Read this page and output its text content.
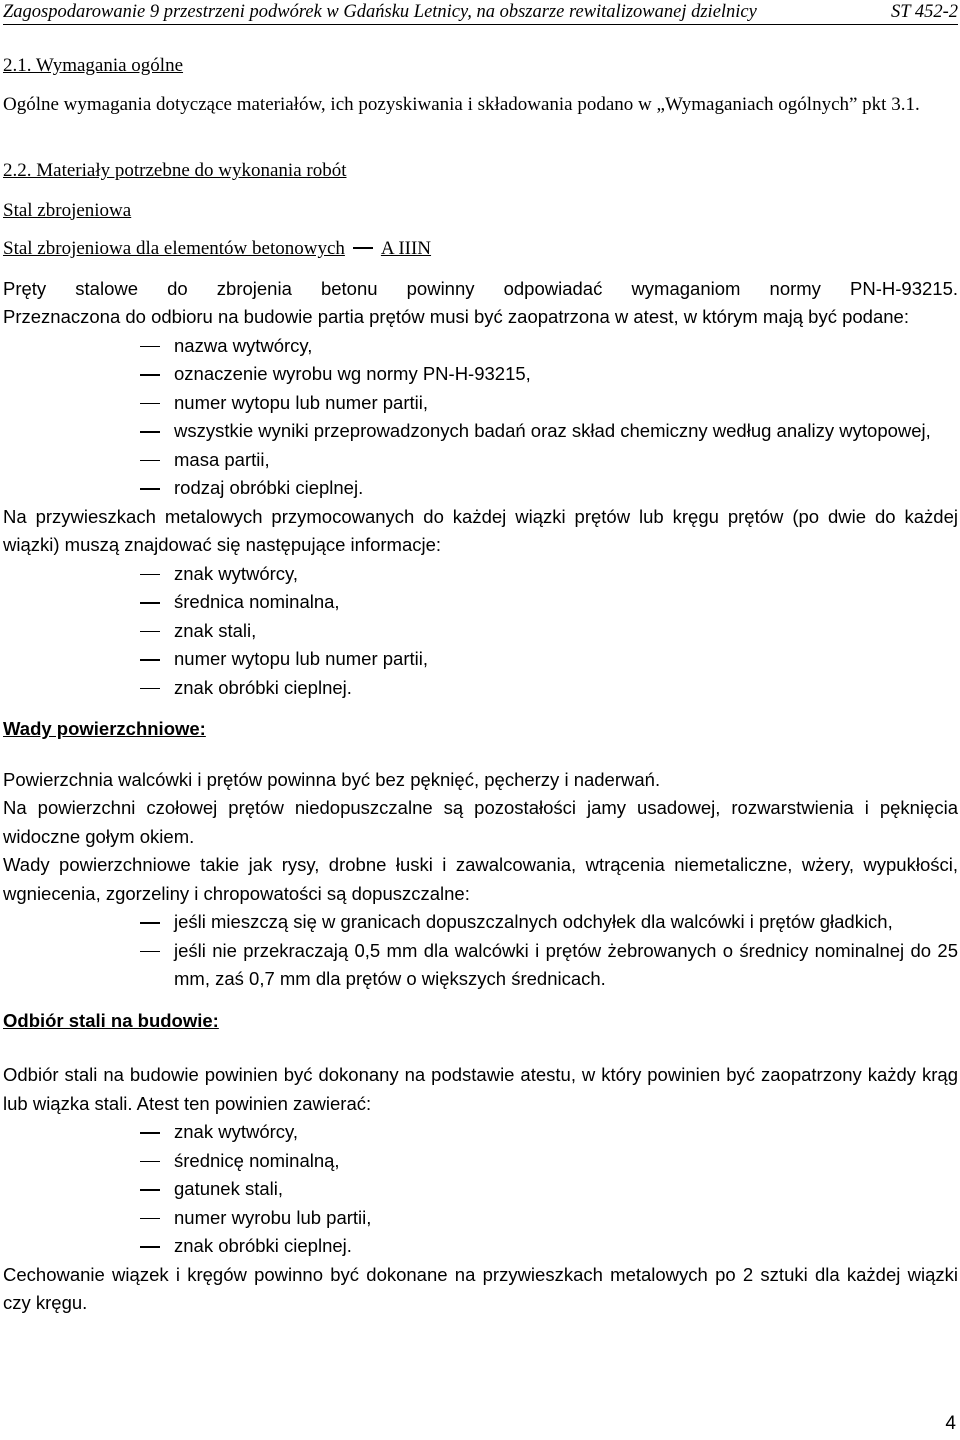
Zagospodarowanie 9 przestrzeni podwórek w Gdańsku Letnicy, na obszarze rewitalizowanej dzielnicy	ST 452-2
2.1. Wymagania ogólne

Ogólne wymagania dotyczące materiałów, ich pozyskiwania i składowania podano w „Wymaganiach ogólnych” pkt 3.1.

2.2. Materiały potrzebne do wykonania robót
Stal zbrojeniowa
Stal zbrojeniowa dla elementów betonowych A IIIN

Pręty stalowe do zbrojenia betonu powinny odpowiadać wymaganiom normy PN-H-93215.

Przeznaczona do odbioru na budowie partia prętów musi być zaopatrzona w atest, w którym mają być podane:

nazwa wytwórcy,
oznaczenie wyrobu wg normy PN-H-93215,
numer wytopu lub numer partii,
wszystkie wyniki przeprowadzonych badań oraz skład chemiczny według analizy wytopowej,
masa partii,
rodzaj obróbki cieplnej.

Na przywieszkach metalowych przymocowanych do każdej wiązki prętów lub kręgu prętów (po dwie do każdej wiązki) muszą znajdować się następujące informacje:

znak wytwórcy,
średnica nominalna,
znak stali,
numer wytopu lub numer partii,
znak obróbki cieplnej.
Wady powierzchniowe:

Powierzchnia walcówki i prętów powinna być bez pęknięć, pęcherzy i naderwań.

Na powierzchni czołowej prętów niedopuszczalne są pozostałości jamy usadowej, rozwarstwienia i pęknięcia widoczne gołym okiem.

Wady powierzchniowe takie jak rysy, drobne łuski i zawalcowania, wtrącenia niemetaliczne, wżery, wypukłości, wgniecenia, zgorzeliny i chropowatości są dopuszczalne:

jeśli mieszczą się w granicach dopuszczalnych odchyłek dla walcówki i prętów gładkich,
jeśli nie przekraczają 0,5 mm dla walcówki i prętów żebrowanych o średnicy nominalnej do 25 mm, zaś 0,7 mm dla prętów o większych średnicach.
Odbiór stali na budowie:

Odbiór stali na budowie powinien być dokonany na podstawie atestu, w który powinien być zaopatrzony każdy krąg lub wiązka stali. Atest ten powinien zawierać:

znak wytwórcy,
średnicę nominalną,
gatunek stali,
numer wyrobu lub partii,
znak obróbki cieplnej.

Cechowanie wiązek i kręgów powinno być dokonane na przywieszkach metalowych po 2 sztuki dla każdej wiązki czy kręgu.

4
